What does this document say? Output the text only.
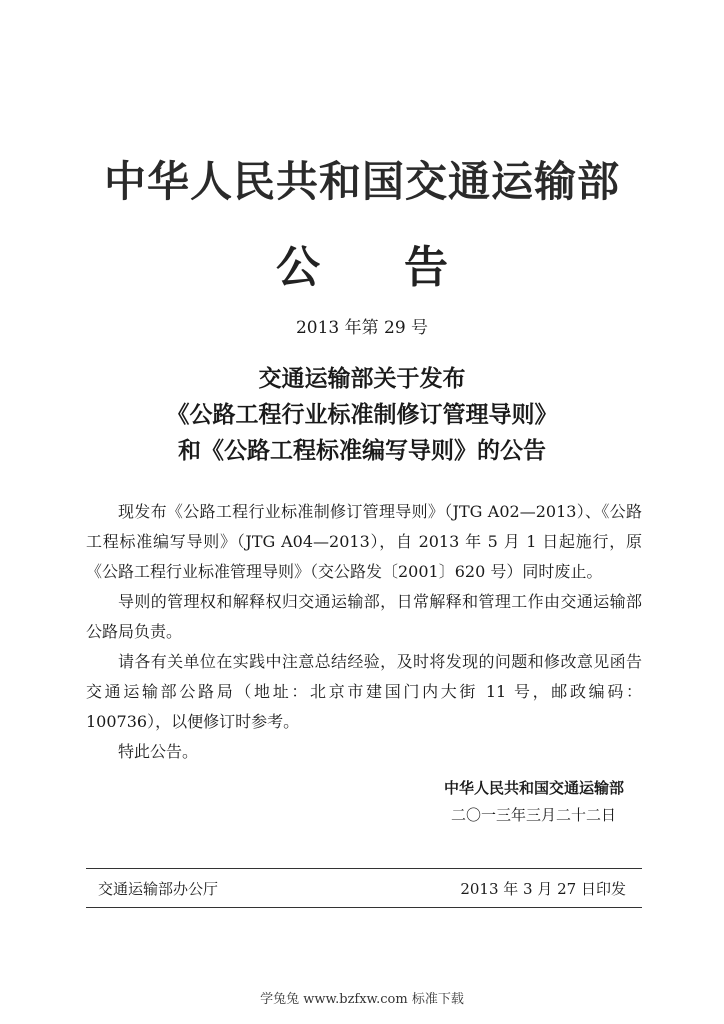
中华人民共和国交通运输部
公 告
2013 年第 29 号
交通运输部关于发布
《公路工程行业标准制修订管理导则》
和《公路工程标准编写导则》的公告

现发布《公路工程行业标准制修订管理导则》（JTG A02—2013）、《公路工程标准编写导则》（JTG A04—2013），自 2013 年 5 月 1 日起施行，原《公路工程行业标准管理导则》（交公路发〔2001〕620 号）同时废止。

导则的管理权和解释权归交通运输部，日常解释和管理工作由交通运输部公路局负责。

请各有关单位在实践中注意总结经验，及时将发现的问题和修改意见函告交通运输部公路局（地址：北京市建国门内大街 11 号，邮政编码：100736），以便修订时参考。

特此公告。

中华人民共和国交通运输部
二〇一三年三月二十二日
交通运输部办公厅	2013 年 3 月 27 日印发
学兔兔 www.bzfxw.com 标准下载
